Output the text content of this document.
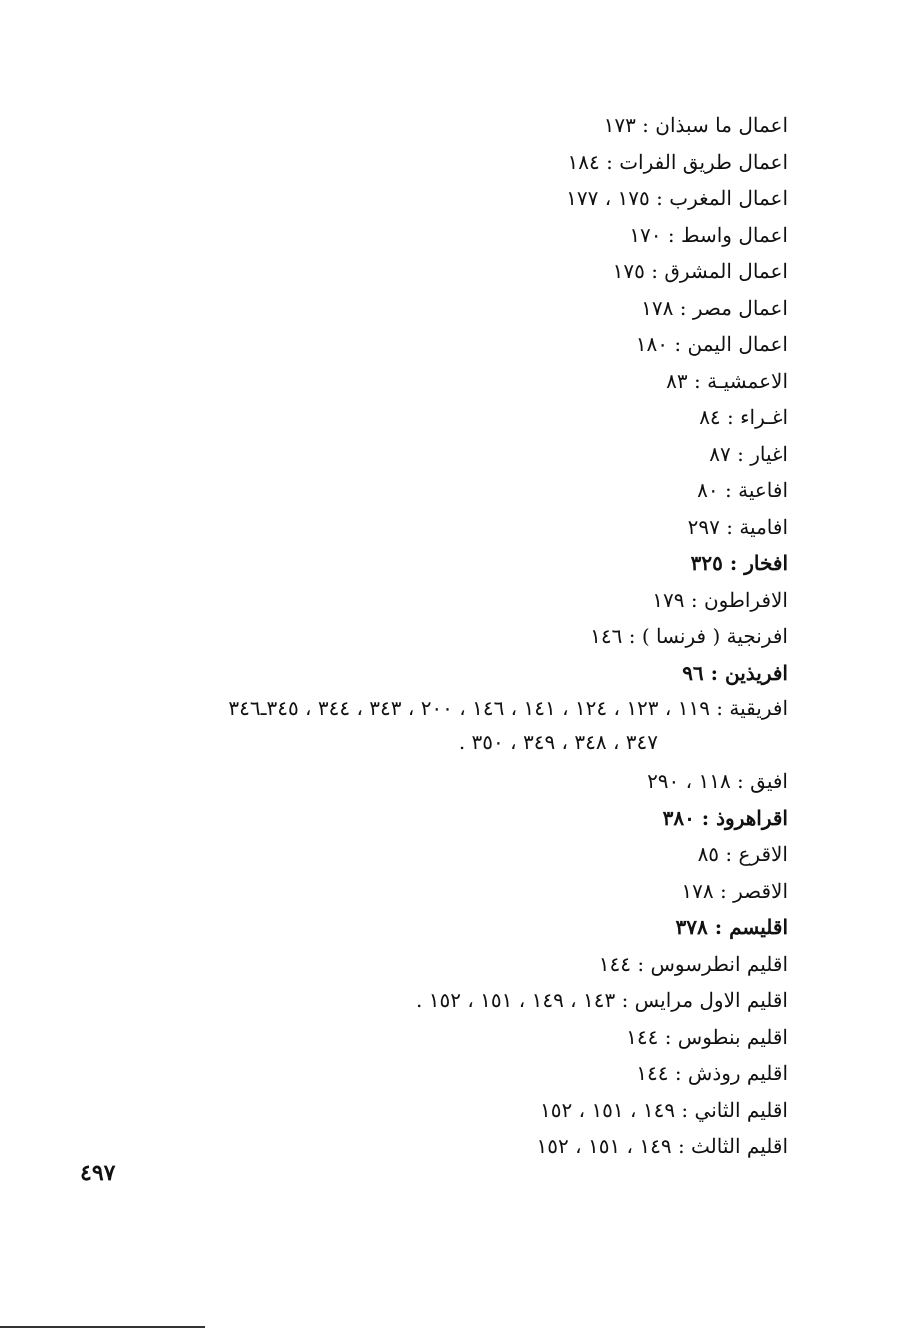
اعمال ما سبذان : ١٧٣
اعمال طريق الفرات : ١٨٤
اعمال المغرب : ١٧٥ ، ١٧٧
اعمال واسط : ١٧٠
اعمال المشرق : ١٧٥
اعمال مصر : ١٧٨
اعمال اليمن : ١٨٠
الاعمشيـة : ٨٣
اغـراء : ٨٤
اغيار : ٨٧
افاعية : ٨٠
افامية : ٢٩٧
افخار : ٣٢٥
الافراطون : ١٧٩
افرنجية ( فرنسا ) : ١٤٦
افريذين : ٩٦
افريقية : ١١٩ ، ١٢٣ ، ١٢٤ ، ١٤١ ، ١٤٦ ، ٢٠٠ ، ٣٤٣ ، ٣٤٤ ، ٣٤٥ـ٣٤٦
٣٤٧ ، ٣٤٨ ، ٣٤٩ ، ٣٥٠ .
افيق : ١١٨ ، ٢٩٠
اقراهروذ : ٣٨٠
الاقرع : ٨٥
الاقصر : ١٧٨
اقليسم : ٣٧٨
اقليم انطرسوس : ١٤٤
اقليم الاول مرايس : ١٤٣ ، ١٤٩ ، ١٥١ ، ١٥٢ .
اقليم بنطوس : ١٤٤
اقليم روذش : ١٤٤
اقليم الثاني : ١٤٩ ، ١٥١ ، ١٥٢
اقليم الثالث : ١٤٩ ، ١٥١ ، ١٥٢
٤٩٧
